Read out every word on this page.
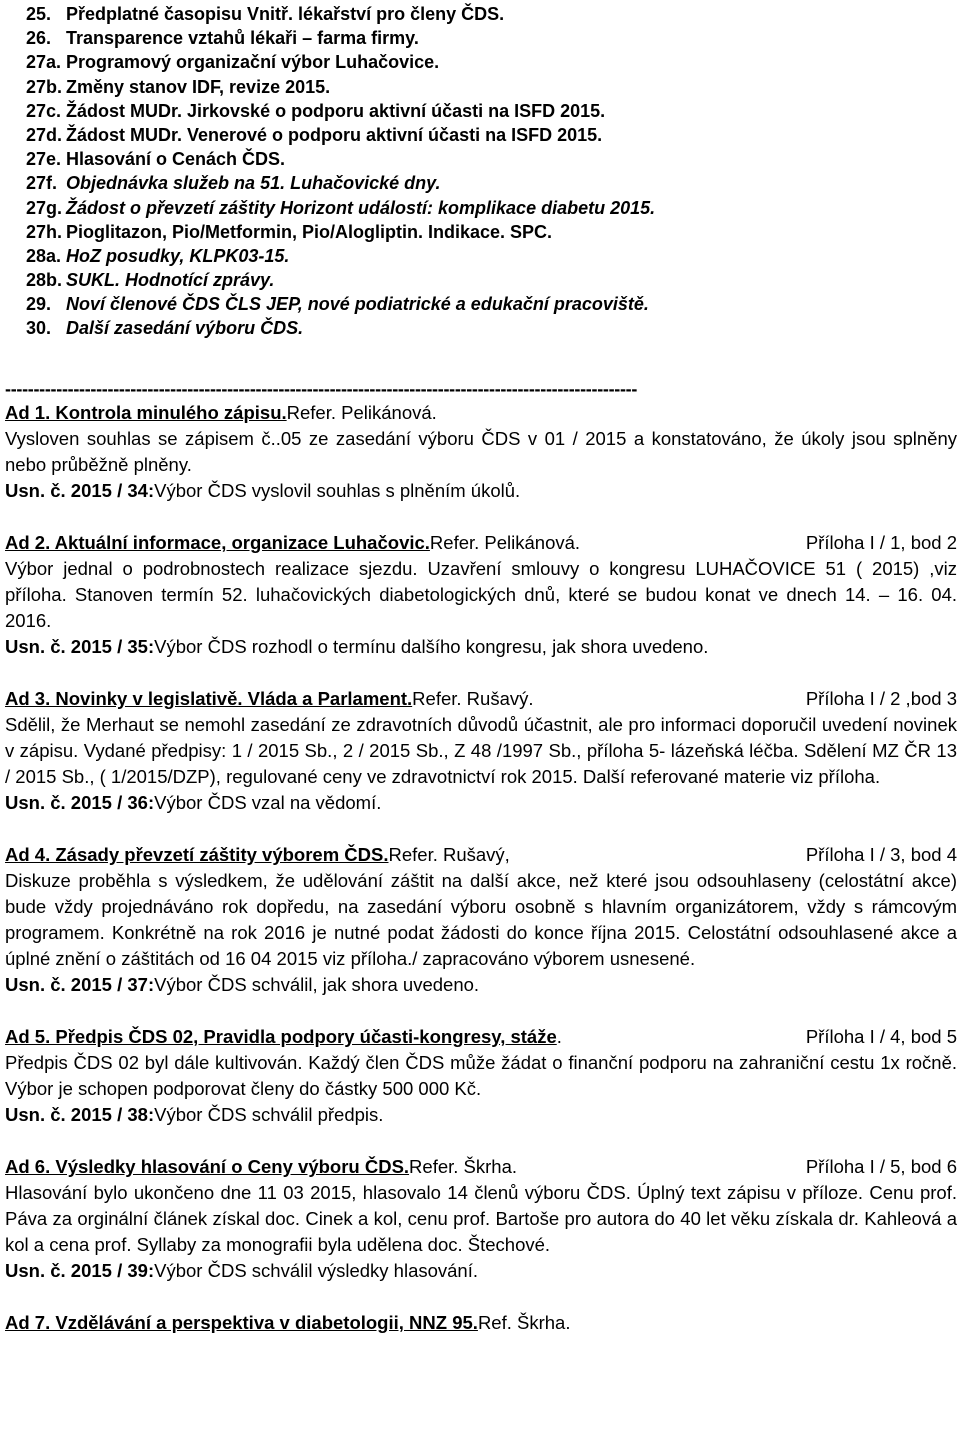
25. Předplatné časopisu Vnitř. lékařství pro členy ČDS.
26. Transparence vztahů lékaři – farma firmy.
27a. Programový organizační výbor Luhačovice.
27b. Změny stanov IDF, revize 2015.
27c. Žádost MUDr. Jirkovské o podporu aktivní účasti na ISFD 2015.
27d. Žádost MUDr. Venerové o podporu aktivní účasti na ISFD 2015.
27e. Hlasování o Cenách ČDS.
27f. Objednávka služeb na 51. Luhačovické dny.
27g. Žádost o převzetí záštity Horizont událostí: komplikace diabetu 2015.
27h. Pioglitazon, Pio/Metformin, Pio/Alogliptin. Indikace. SPC.
28a. HoZ posudky, KLPK03-15.
28b. SUKL. Hodnotící zprávy.
29. Noví členové ČDS ČLS JEP, nové podiatrické a edukační pracoviště.
30. Další zasedání výboru ČDS.
---------------------------------------------------------------------------------------------------------------
Ad 1. Kontrola minulého zápisu. Refer. Pelikánová.
Vysloven souhlas se zápisem č..05 ze zasedání výboru ČDS v 01 / 2015 a konstatováno, že úkoly jsou splněny nebo průběžně plněny.
Usn. č. 2015 / 34: Výbor ČDS vyslovil souhlas s plněním úkolů.
Ad 2. Aktuální informace, organizace Luhačovic. Refer. Pelikánová.	Příloha I / 1, bod 2
Výbor jednal o podrobnostech realizace sjezdu. Uzavření smlouvy o kongresu LUHAČOVICE 51 ( 2015) ,viz příloha. Stanoven termín 52. luhačovických diabetologických dnů, které se budou konat ve dnech 14. – 16. 04. 2016.
Usn. č. 2015 / 35: Výbor ČDS rozhodl o termínu dalšího kongresu, jak shora uvedeno.
Ad 3. Novinky v legislativě. Vláda a Parlament. Refer. Rušavý.	Příloha I / 2 ,bod 3
Sdělil, že Merhaut se nemohl zasedání ze zdravotních důvodů účastnit, ale pro informaci doporučil uvedení novinek v zápisu. Vydané předpisy: 1 / 2015 Sb., 2 / 2015 Sb., Z 48 /1997 Sb., příloha 5- lázeňská léčba. Sdělení MZ ČR 13 / 2015 Sb., ( 1/2015/DZP), regulované ceny ve zdravotnictví rok 2015. Další referované materie viz příloha.
Usn. č. 2015 / 36: Výbor ČDS vzal na vědomí.
Ad 4. Zásady převzetí záštity výborem ČDS. Refer. Rušavý,	Příloha I / 3, bod 4
Diskuze proběhla s výsledkem, že udělování záštit na další akce, než které jsou odsouhlaseny (celostátní akce) bude vždy projednáváno rok dopředu, na zasedání výboru osobně s hlavním organizátorem, vždy s rámcovým programem. Konkrétně na rok 2016 je nutné podat žádosti do konce října 2015. Celostátní odsouhlasené akce a úplné znění o záštitách od 16 04 2015 viz příloha./ zapracováno výborem usnesené.
Usn. č. 2015 / 37: Výbor ČDS schválil, jak shora uvedeno.
Ad 5. Předpis ČDS 02, Pravidla podpory účasti-kongresy, stáže .	Příloha I / 4, bod 5
Předpis ČDS 02 byl dále kultivován. Každý člen ČDS může žádat o finanční podporu na zahraniční cestu 1x ročně. Výbor je schopen podporovat členy do částky 500 000 Kč.
Usn. č. 2015 / 38: Výbor ČDS schválil předpis.
Ad 6. Výsledky hlasování o Ceny výboru ČDS. Refer. Škrha.	Příloha I / 5, bod 6
Hlasování bylo ukončeno dne 11 03 2015, hlasovalo 14 členů výboru ČDS. Úplný text zápisu v příloze. Cenu prof. Páva za orginální článek získal doc. Cinek a kol, cenu prof. Bartoše pro autora do 40 let věku získala dr. Kahleová a kol a cena prof. Syllaby za monografii byla udělena doc. Štechové.
Usn. č. 2015 / 39: Výbor ČDS schválil výsledky hlasování.
Ad 7. Vzdělávání a perspektiva v diabetologii, NNZ 95. Ref. Škrha.
